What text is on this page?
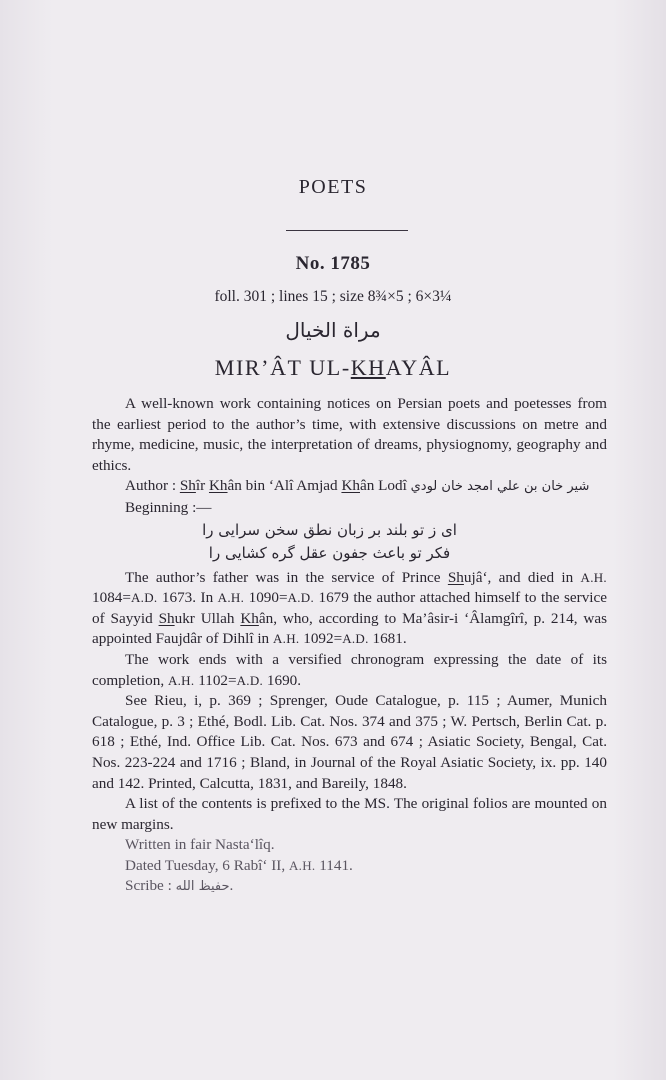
POETS
No. 1785
foll. 301 ; lines 15 ; size 8¾×5 ; 6×3¼
مراة الخيال
MIR’ÂT UL-KHAYÂL

A well-known work containing notices on Persian poets and poetesses from the earliest period to the author’s time, with extensive discussions on metre and rhyme, medicine, music, the interpretation of dreams, physiognomy, geography and ethics.

Author : Shîr Khân bin ‘Alî Amjad Khân Lodî شیر خان بن علي امجد خان لودي

Beginning :—

ای ز تو بلند بر زبان نطق سخن سرایی را

فکر تو باعث جفون عقل گره کشایی را

The author’s father was in the service of Prince Shujâ‘, and died in A.H. 1084=A.D. 1673. In A.H. 1090=A.D. 1679 the author attached himself to the service of Sayyid Shukr Ullah Khân, who, according to Ma’âsir-i ‘Âlamgîrî, p. 214, was appointed Faujdâr of Dihlî in A.H. 1092=A.D. 1681.

The work ends with a versified chronogram expressing the date of its completion, A.H. 1102=A.D. 1690.

See Rieu, i, p. 369 ; Sprenger, Oude Catalogue, p. 115 ; Aumer, Munich Catalogue, p. 3 ; Ethé, Bodl. Lib. Cat. Nos. 374 and 375 ; W. Pertsch, Berlin Cat. p. 618 ; Ethé, Ind. Office Lib. Cat. Nos. 673 and 674 ; Asiatic Society, Bengal, Cat. Nos. 223-224 and 1716 ; Bland, in Journal of the Royal Asiatic Society, ix. pp. 140 and 142. Printed, Calcutta, 1831, and Bareily, 1848.

A list of the contents is prefixed to the MS. The original folios are mounted on new margins.

Written in fair Nasta‘lîq.

Dated Tuesday, 6 Rabî‘ II, A.H. 1141.

Scribe : حفيظ الله.
